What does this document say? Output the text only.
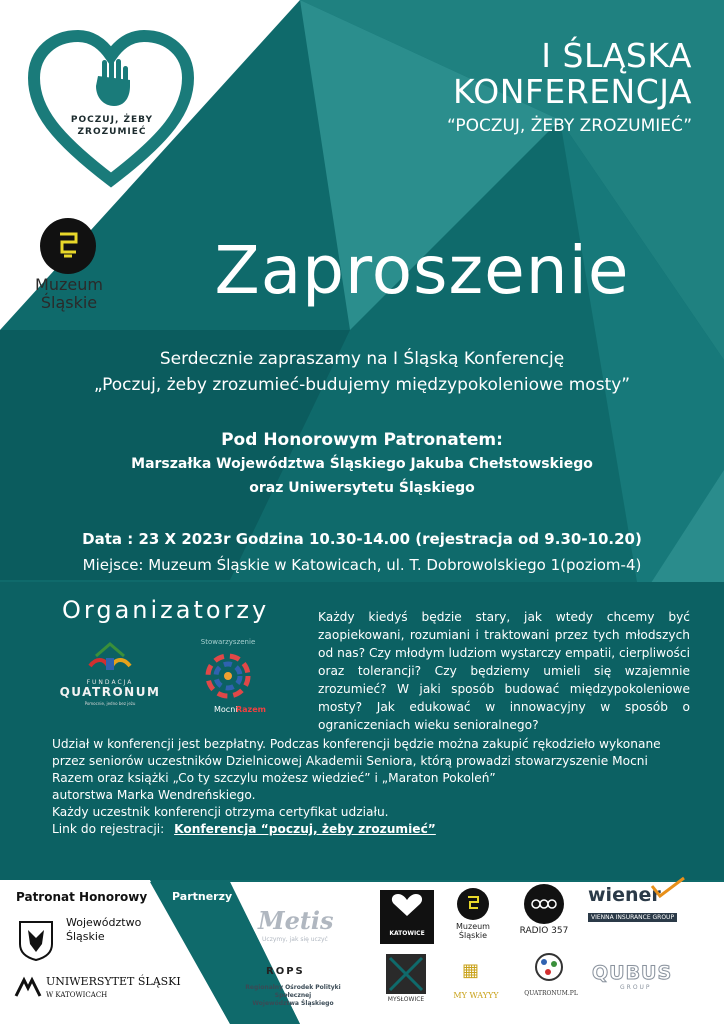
POCZUJ, ŻEBY
ZROZUMIEĆ
Muzeum
Śląskie
I ŚLĄSKA
KONFERENCJA
“POCZUJ, ŻEBY ZROZUMIEĆ”
Zaproszenie
Serdecznie zapraszamy na I Śląską Konferencję
„Poczuj, żeby zrozumieć-budujemy międzypokoleniowe mosty”
Pod Honorowym Patronatem:
Marszałka Województwa Śląskiego Jakuba Chełstowskiego
oraz Uniwersytetu Śląskiego
Data : 23 X 2023r Godzina 10.30-14.00 (rejestracja od 9.30-10.20)
Miejsce: Muzeum Śląskie w Katowicach, ul. T. Dobrowolskiego 1(poziom-4)
Organizatorzy
FUNDACJA
QUATRONUM
Pomocnie, jedno bez jeżu
Stowarzyszenie
Mocni
Razem
Każdy kiedyś będzie stary, jak wtedy chcemy być zaopiekowani, rozumiani i traktowani przez tych młodszych od nas? Czy młodym ludziom wystarczy empatii, cierpliwości oraz tolerancji? Czy będziemy umieli się wzajemnie zrozumieć? W jaki sposób budować międzypokoleniowe mosty? Jak edukować w innowacyjny w sposób o ograniczeniach wieku senioralnego?
Udział w konferencji jest bezpłatny. Podczas konferencji będzie można zakupić rękodzieło wykonane
przez seniorów uczestników Dzielnicowej Akademii Seniora, którą prowadzi stowarzyszenie Mocni
Razem oraz książki „Co ty szczylu możesz wiedzieć” i „Maraton Pokoleń”
autorstwa Marka Wendreńskiego.
Każdy uczestnik konferencji otrzyma certyfikat udziału.
Link do rejestracji: Konferencja “poczuj, żeby zrozumieć”
Patronat Honorowy
Województwo
Śląskie
UNIWERSYTET ŚLĄSKI
W KATOWICACH
Partnerzy
Metis
Uczymy, jak się uczyć
KATOWICE
Muzeum
Śląskie	RADIO 357
wiener
VIENNA INSURANCE GROUP
ROPS
Regionalny Ośrodek Polityki Społecznej
Województwa Śląskiego
MYSŁOWICE
▦
MY WAYYY	QUATRONUM.PL
QUBUS
GROUP
